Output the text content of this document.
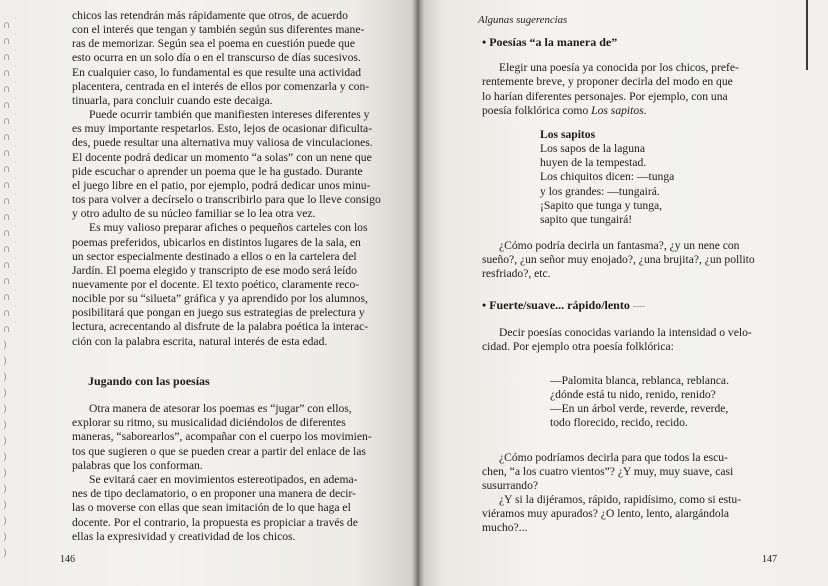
∩
∩
∩
∩
∩
∩
∩
∩
∩
∩
∩
∩
∩
∩
∩
∩
∩
∩
∩
∩
)
)
)
)
)
)
)
)
)
)
)
)
)
)
chicos las retendrán más rápidamente que otros, de acuerdo
con el interés que tengan y también según sus diferentes mane-
ras de memorizar. Según sea el poema en cuestión puede que
esto ocurra en un solo día o en el transcurso de días sucesivos.
En cualquier caso, lo fundamental es que resulte una actividad
placentera, centrada en el interés de ellos por comenzarla y con-
tinuarla, para concluir cuando este decaiga.
Puede ocurrir también que manifiesten intereses diferentes y
es muy importante respetarlos. Esto, lejos de ocasionar dificulta-
des, puede resultar una alternativa muy valiosa de vinculaciones.
El docente podrá dedicar un momento “a solas” con un nene que
pide escuchar o aprender un poema que le ha gustado. Durante
el juego libre en el patio, por ejemplo, podrá dedicar unos minu-
tos para volver a decírselo o transcribirlo para que lo lleve consigo
y otro adulto de su núcleo familiar se lo lea otra vez.
Es muy valioso preparar afiches o pequeños carteles con los
poemas preferidos, ubicarlos en distintos lugares de la sala, en
un sector especialmente destinado a ellos o en la cartelera del
Jardín. El poema elegido y transcripto de ese modo será leído
nuevamente por el docente. El texto poético, claramente reco-
nocible por su “silueta” gráfica y ya aprendido por los alumnos,
posibilitará que pongan en juego sus estrategias de prelectura y
lectura, acrecentando al disfrute de la palabra poética la interac-
ción con la palabra escrita, natural interés de esta edad.
Jugando con las poesías
Otra manera de atesorar los poemas es “jugar” con ellos,
explorar su ritmo, su musicalidad diciéndolos de diferentes
maneras, “saborearlos”, acompañar con el cuerpo los movimien-
tos que sugieren o que se pueden crear a partir del enlace de las
palabras que los conforman.
Se evitará caer en movimientos estereotipados, en adema-
nes de tipo declamatorio, o en proponer una manera de decir-
las o moverse con ellas que sean imitación de lo que haga el
docente. Por el contrario, la propuesta es propiciar a través de
ellas la expresividad y creatividad de los chicos.
146

Algunas sugerencias

• Poesías “a la manera de”

Elegir una poesía ya conocida por los chicos, prefe-
rentemente breve, y proponer decirla del modo en que
lo harían diferentes personajes. Por ejemplo, con una
poesía folklórica como Los sapitos.
Los sapitos
Los sapos de la laguna
huyen de la tempestad.
Los chiquitos dicen: —tunga
y los grandes: —tungairá.
¡Sapito que tunga y tunga,
sapito que tungairá!
¿Cómo podría decirla un fantasma?, ¿y un nene con
sueño?, ¿un señor muy enojado?, ¿una brujita?, ¿un pollito
resfriado?, etc.

• Fuerte/suave... rápido/lento —

Decir poesías conocidas variando la intensidad o velo-
cidad. Por ejemplo otra poesía folklórica:
—Palomita blanca, reblanca, reblanca.
¿dónde está tu nido, renido, renido?
—En un árbol verde, reverde, reverde,
todo florecido, recido, recido.
¿Cómo podríamos decirla para que todos la escu-
chen, “a los cuatro vientos”? ¿Y muy, muy suave, casi
susurrando?
¿Y si la dijéramos, rápido, rapidísimo, como si estu-
viéramos muy apurados? ¿O lento, lento, alargándola
mucho?...
147
